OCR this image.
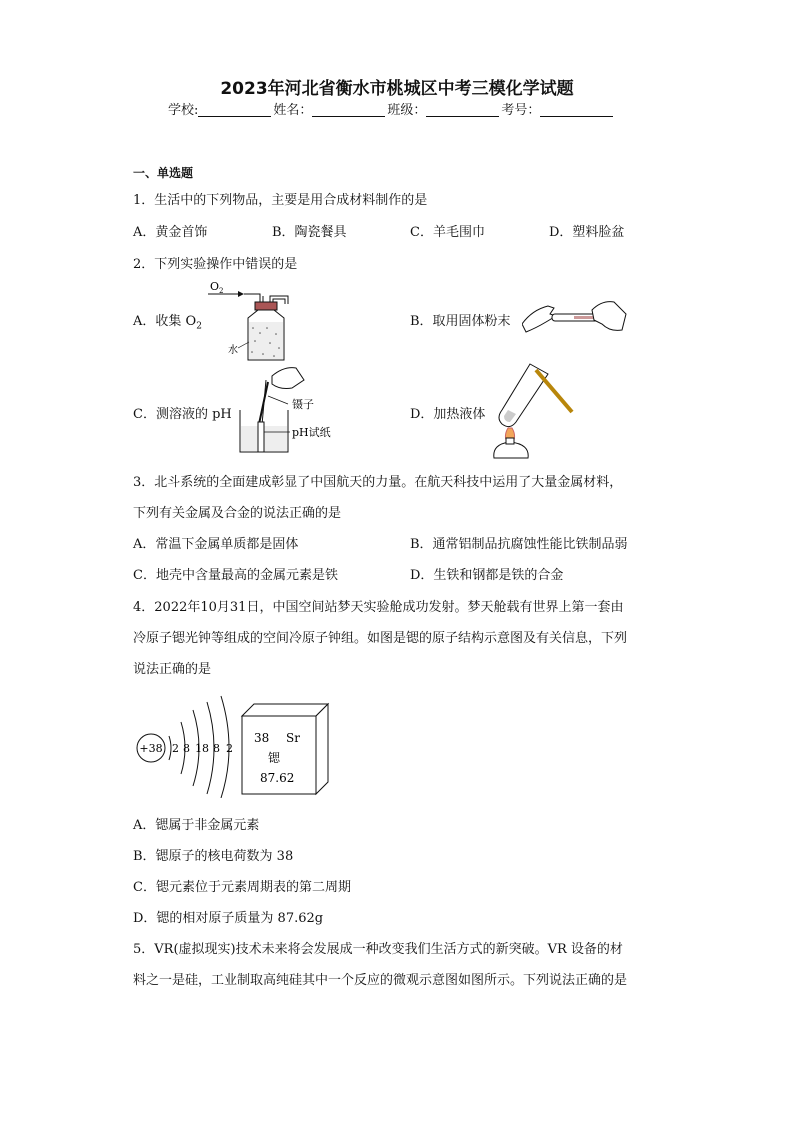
2023年河北省衡水市桃城区中考三模化学试题
学校:	姓名：	班级：	考号：
一、单选题
1．生活中的下列物品，主要是用合成材料制作的是
A．黄金首饰	B．陶瓷餐具	C．羊毛围巾	D．塑料脸盆
2．下列实验操作中错误的是
A．收集 $O_2$	B．取用固体粉末
C．测溶液的 pH	D．加热液体
O 2
水
镊子
pH试纸
3．北斗系统的全面建成彰显了中国航天的力量。在航天科技中运用了大量金属材料，
下列有关金属及合金的说法正确的是
A．常温下金属单质都是固体	B．通常铝制品抗腐蚀性能比铁制品弱
C．地壳中含量最高的金属元素是铁	D．生铁和钢都是铁的合金
4．2022年10月31日，中国空间站梦天实验舱成功发射。梦天舱载有世界上第一套由
冷原子锶光钟等组成的空间冷原子钟组。如图是锶的原子结构示意图及有关信息，下列
说法正确的是
+38 2 8 18 8 2
38 Sr
锶
87.62
A．锶属于非金属元素
B．锶原子的核电荷数为 38
C．锶元素位于元素周期表的第二周期
D．锶的相对原子质量为 87.62g
5．VR(虚拟现实)技术未来将会发展成一种改变我们生活方式的新突破。VR 设备的材
料之一是硅，工业制取高纯硅其中一个反应的微观示意图如图所示。下列说法正确的是
